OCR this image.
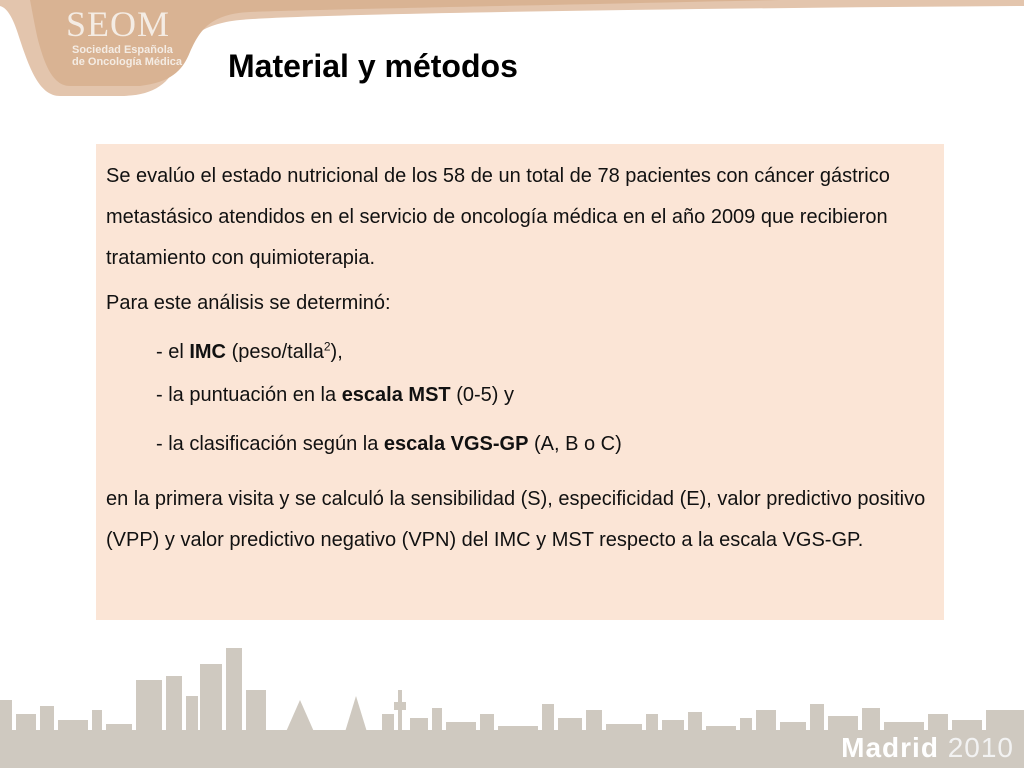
SEOM
Sociedad Española
de Oncología Médica	Material y métodos

Se evalúo el estado nutricional de los 58 de un total de 78 pacientes con cáncer gástrico metastásico atendidos en el servicio de oncología médica en el año 2009 que recibieron tratamiento con quimioterapia.

Para este análisis se determinó:

- el IMC (peso/talla$^2$),

- la puntuación en la escala MST (0-5) y

- la clasificación según la escala VGS-GP (A, B o C)

en la primera visita y se calculó la sensibilidad (S), especificidad (E), valor predictivo positivo (VPP) y valor predictivo negativo (VPN) del IMC y MST respecto a la escala VGS-GP.

Madrid 2010
